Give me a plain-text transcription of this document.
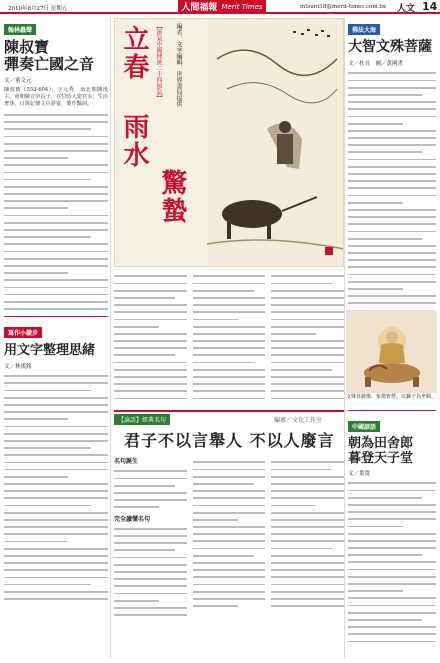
2010年8月27日 星期五	人間福報 Merit Times	mtsunt18@merit-times.com.tw 人文 14
翰林蟲聲
陳叔寶
彈奏亡國之音
文／董文元
陳叔寶（553-604），字元秀，南北朝陳後主。南朝陳宣帝長子，在位時大建宮室，生活奢侈，日與妃嬪文臣游宴，製作豔詞。
寫作小撇步
用文字整理思緒
文／林漢銘
立春
雨水
驚蟄
【節氣中國傳統二十四節氣】 編者．文字編輯．世界書局提供
【論語】經典名句	編審／文化工作室
君子不以言舉人 不以人廢言
名句誕生
完全讀懂名句
佛法大海
大智文殊菩薩
文／杜長　圖／黃國書
文殊菩薩像，象徵智慧，以獅子為坐騎。
中國諺語
朝為田舍郎
暮登天子堂
文／葉寬
